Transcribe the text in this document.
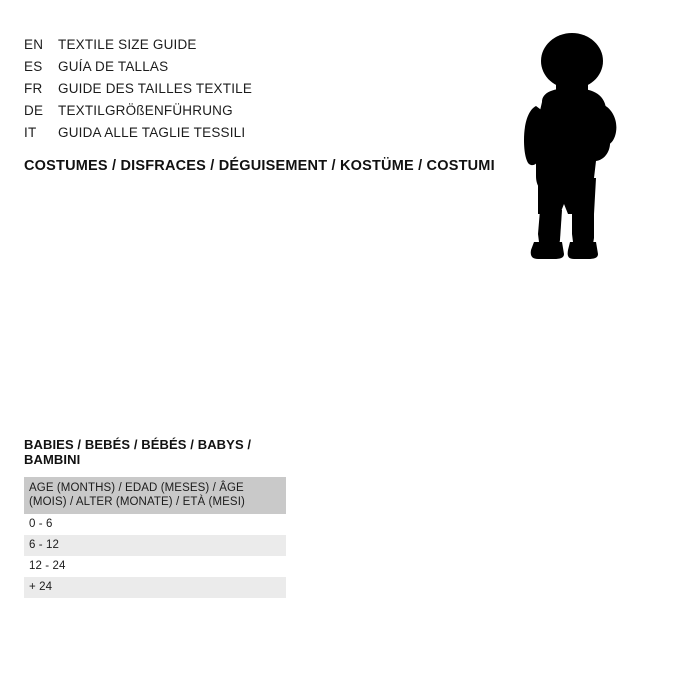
EN	TEXTILE SIZE GUIDE
ES	GUÍA DE TALLAS
FR	GUIDE DES TAILLES TEXTILE
DE	TEXTILGRÖßENFÜHRUNG
IT	GUIDA ALLE TAGLIE TESSILI
COSTUMES / DISFRACES / DÉGUISEMENT / KOSTÜME / COSTUMI
BABIES / BEBÉS / BÉBÉS / BABYS / BAMBINI
AGE (MONTHS) / EDAD (MESES) / ÂGE (MOIS) / ALTER (MONATE) / ETÀ (MESI)
0 - 6
6 - 12
12 - 24
+ 24
